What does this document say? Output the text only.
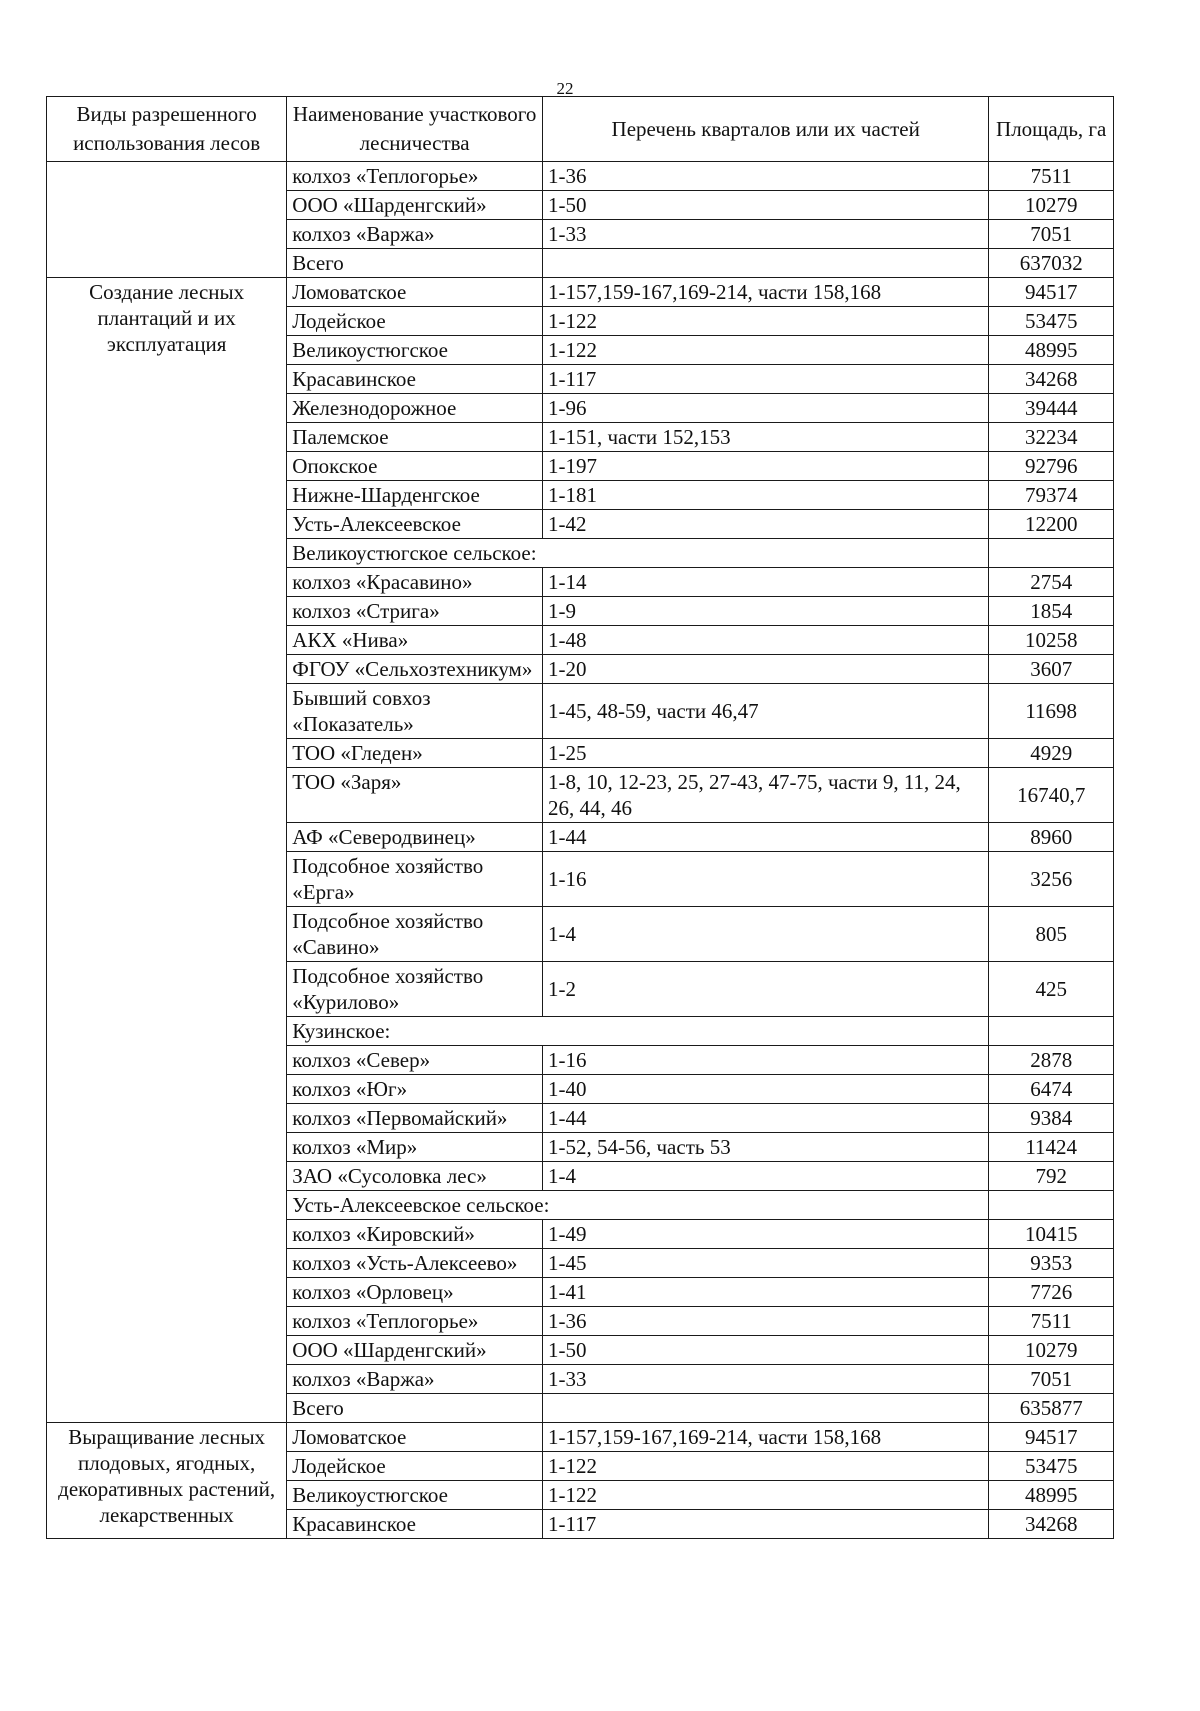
22
Виды разрешенного использования лесов	Наименование участкового лесничества	Перечень кварталов или их частей	Площадь, га
	колхоз «Теплогорье»	1-36	7511
	ООО «Шарденгский»	1-50	10279
	колхоз «Варжа»	1-33	7051
	Всего		637032
Создание лесных плантаций и их эксплуатация	Ломоватское	1-157,159-167,169-214, части 158,168	94517
	Лодейское	1-122	53475
	Великоустюгское	1-122	48995
	Красавинское	1-117	34268
	Железнодорожное	1-96	39444
	Палемское	1-151, части 152,153	32234
	Опокское	1-197	92796
	Нижне-Шарденгское	1-181	79374
	Усть-Алексеевское	1-42	12200
	Великоустюгское сельское:		
	колхоз «Красавино»	1-14	2754
	колхоз «Стрига»	1-9	1854
	АКХ «Нива»	1-48	10258
	ФГОУ «Сельхозтехникум»	1-20	3607
	Бывший совхоз «Показатель»	1-45, 48-59, части 46,47	11698
	ТОО «Гледен»	1-25	4929
	ТОО «Заря»	1-8, 10, 12-23, 25, 27-43, 47-75, части 9, 11, 24, 26, 44, 46	16740,7
	АФ «Северодвинец»	1-44	8960
	Подсобное хозяйство «Ерга»	1-16	3256
	Подсобное хозяйство «Савино»	1-4	805
	Подсобное хозяйство «Курилово»	1-2	425
	Кузинское:		
	колхоз «Север»	1-16	2878
	колхоз «Юг»	1-40	6474
	колхоз «Первомайский»	1-44	9384
	колхоз «Мир»	1-52, 54-56, часть 53	11424
	ЗАО «Сусоловка лес»	1-4	792
	Усть-Алексеевское сельское:		
	колхоз «Кировский»	1-49	10415
	колхоз «Усть-Алексеево»	1-45	9353
	колхоз «Орловец»	1-41	7726
	колхоз «Теплогорье»	1-36	7511
	ООО «Шарденгский»	1-50	10279
	колхоз «Варжа»	1-33	7051
	Всего		635877
Выращивание лесных плодовых, ягодных, декоративных растений, лекарственных	Ломоватское	1-157,159-167,169-214, части 158,168	94517
	Лодейское	1-122	53475
	Великоустюгское	1-122	48995
	Красавинское	1-117	34268
